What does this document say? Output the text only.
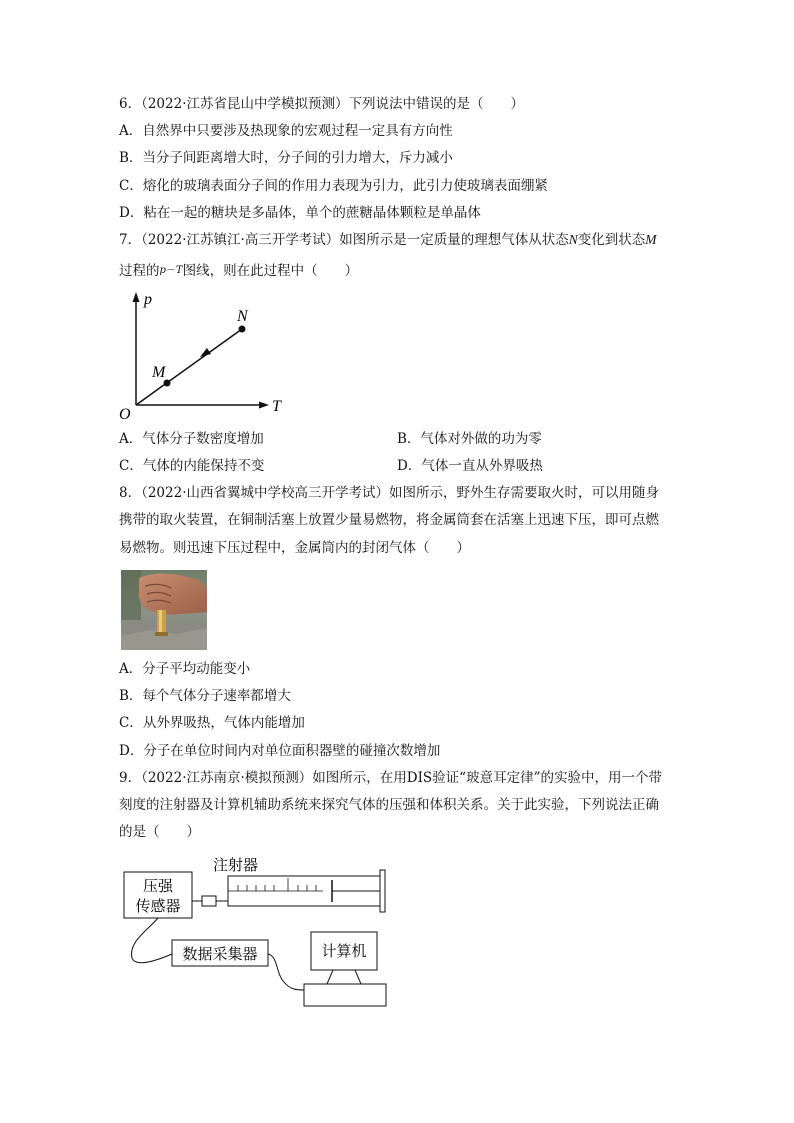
6．（2022·江苏省昆山中学模拟预测）下列说法中错误的是（　　）
A．自然界中只要涉及热现象的宏观过程一定具有方向性
B．当分子间距离增大时，分子间的引力增大，斥力减小
C．熔化的玻璃表面分子间的作用力表现为引力，此引力使玻璃表面绷紧
D．粘在一起的糖块是多晶体，单个的蔗糖晶体颗粒是单晶体
7．（2022·江苏镇江·高三开学考试）如图所示是一定质量的理想气体从状态N变化到状态M
过程的p－T图线，则在此过程中（　　）
p
T
O
N
M
A．气体分子数密度增加	B．气体对外做的功为零
C．气体的内能保持不变	D．气体一直从外界吸热
8．（2022·山西省翼城中学校高三开学考试）如图所示，野外生存需要取火时，可以用随身
携带的取火装置，在铜制活塞上放置少量易燃物，将金属筒套在活塞上迅速下压，即可点燃
易燃物。则迅速下压过程中，金属筒内的封闭气体（　　）
A．分子平均动能变小
B．每个气体分子速率都增大
C．从外界吸热，气体内能增加
D．分子在单位时间内对单位面积器壁的碰撞次数增加
9．（2022·江苏南京·模拟预测）如图所示，在用DIS验证“玻意耳定律”的实验中，用一个带
刻度的注射器及计算机辅助系统来探究气体的压强和体积关系。关于此实验，下列说法正确
的是（　　）
注射器
压强
传感器
数据采集器	计算机
